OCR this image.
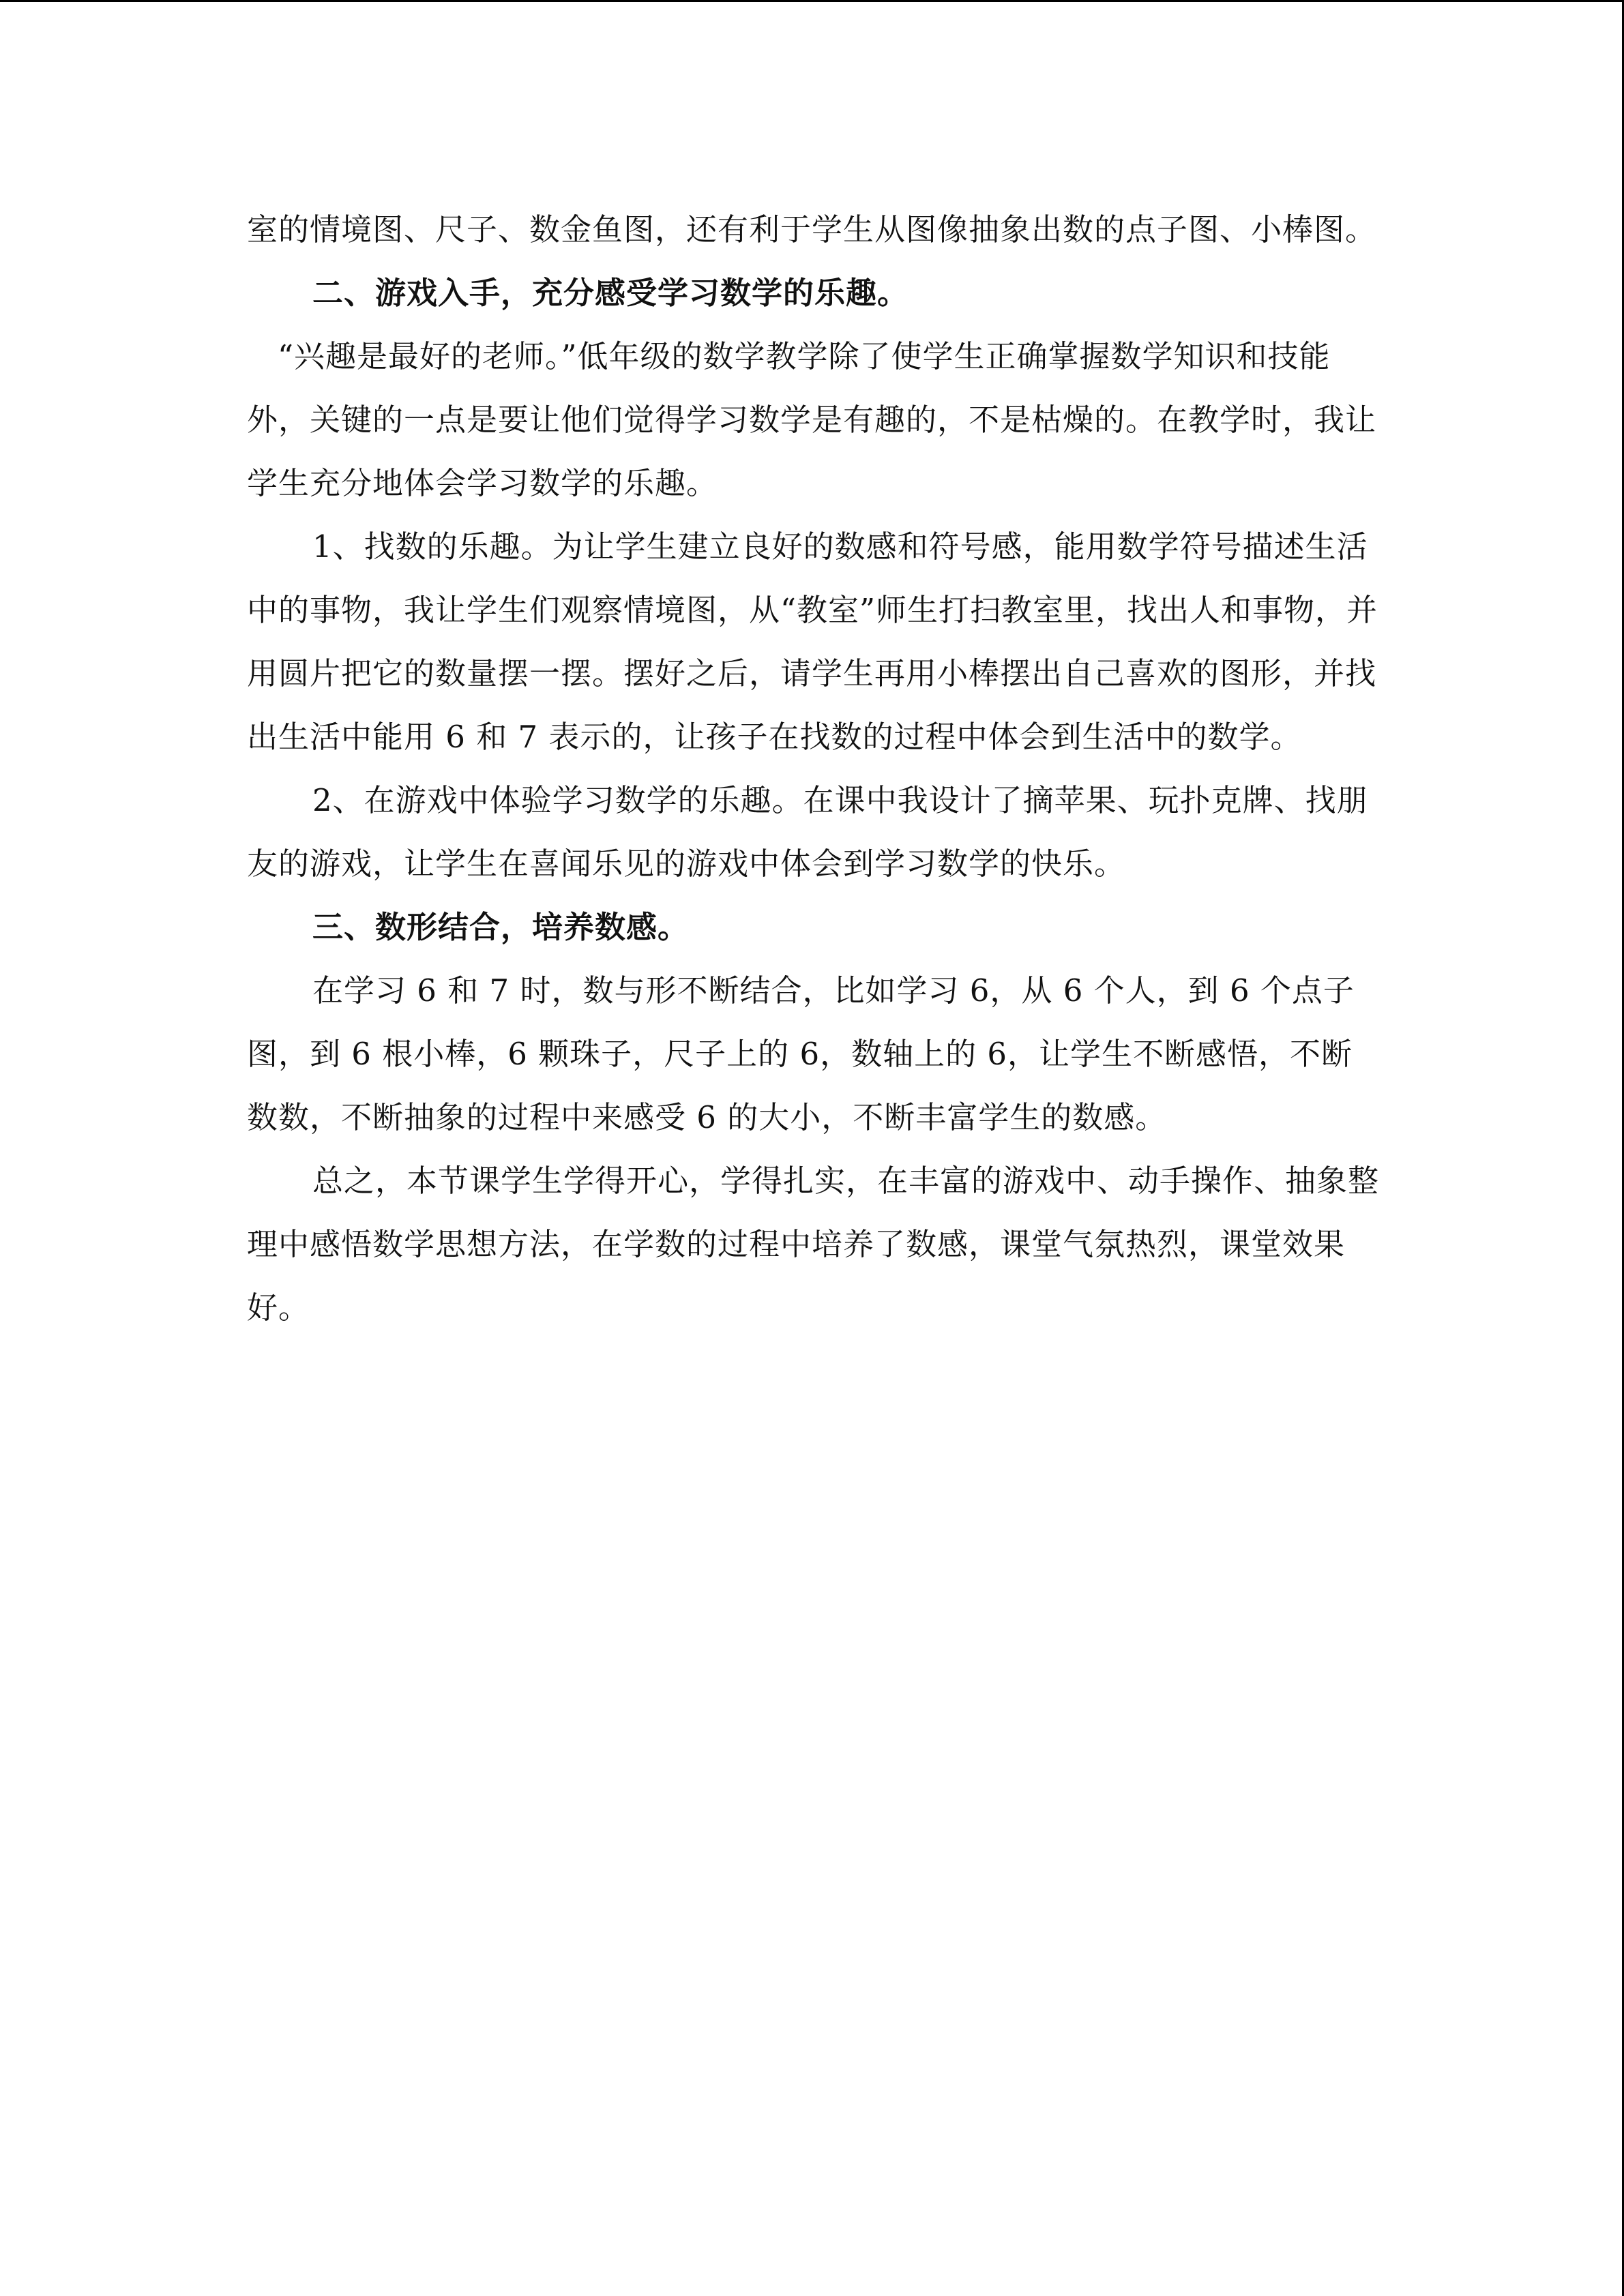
室的情境图、尺子、数金鱼图，还有利于学生从图像抽象出数的点子图、小棒图。

二、游戏入手，充分感受学习数学的乐趣。

“兴趣是最好的老师。”低年级的数学教学除了使学生正确掌握数学知识和技能外，关键的一点是要让他们觉得学习数学是有趣的，不是枯燥的。在教学时，我让学生充分地体会学习数学的乐趣。

1、找数的乐趣。为让学生建立良好的数感和符号感，能用数学符号描述生活中的事物，我让学生们观察情境图，从“教室”师生打扫教室里，找出人和事物，并用圆片把它的数量摆一摆。摆好之后，请学生再用小棒摆出自己喜欢的图形，并找出生活中能用 6 和 7 表示的，让孩子在找数的过程中体会到生活中的数学。

2、在游戏中体验学习数学的乐趣。在课中我设计了摘苹果、玩扑克牌、找朋友的游戏，让学生在喜闻乐见的游戏中体会到学习数学的快乐。

三、数形结合，培养数感。

在学习 6 和 7 时，数与形不断结合，比如学习 6，从 6 个人，到 6 个点子图，到 6 根小棒，6 颗珠子，尺子上的 6，数轴上的 6，让学生不断感悟，不断数数，不断抽象的过程中来感受 6 的大小，不断丰富学生的数感。

总之，本节课学生学得开心，学得扎实，在丰富的游戏中、动手操作、抽象整理中感悟数学思想方法，在学数的过程中培养了数感，课堂气氛热烈，课堂效果好。
